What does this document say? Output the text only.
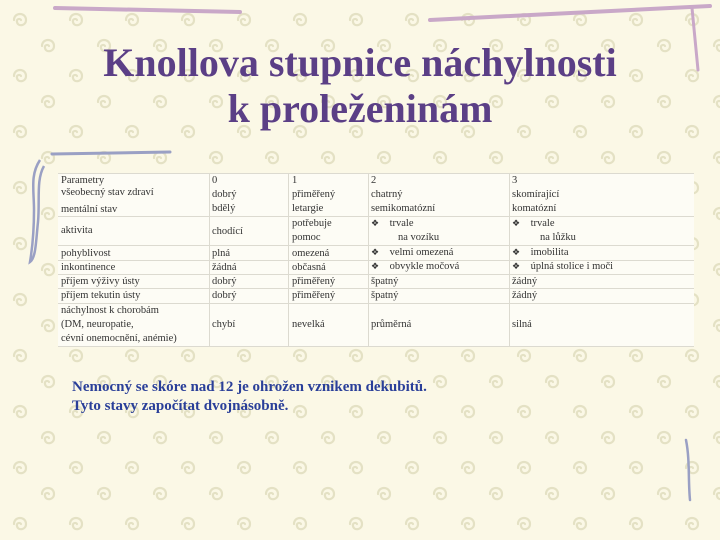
Knollova stupnice náchylnosti
k proleženinám
Parametry
všeobecný stav zdraví
mentální stav
aktivita
pohyblivost
inkontinence
příjem výživy ústy
příjem tekutin ústy
náchylnost k chorobám
(DM, neuropatie,
cévní onemocnění, anémie)
0
dobrý
bdělý
chodící
plná
žádná
dobrý
dobrý
chybí
1
přiměřený
letargie
potřebuje
pomoc
omezená
občasná
přiměřený
přiměřený
nevelká
2
chatrný
semikomatózní
❖ trvale
na vozíku
❖ velmi omezená
❖ obvykle močová
špatný
špatný
průměrná
3
skomírající
komatózní
❖ trvale
na lůžku
❖ imobilita
❖ úplná stolice i moči
žádný
žádný
silná
Nemocný se skóre nad 12 je ohrožen vznikem dekubitů.
Tyto stavy započítat dvojnásobně.
